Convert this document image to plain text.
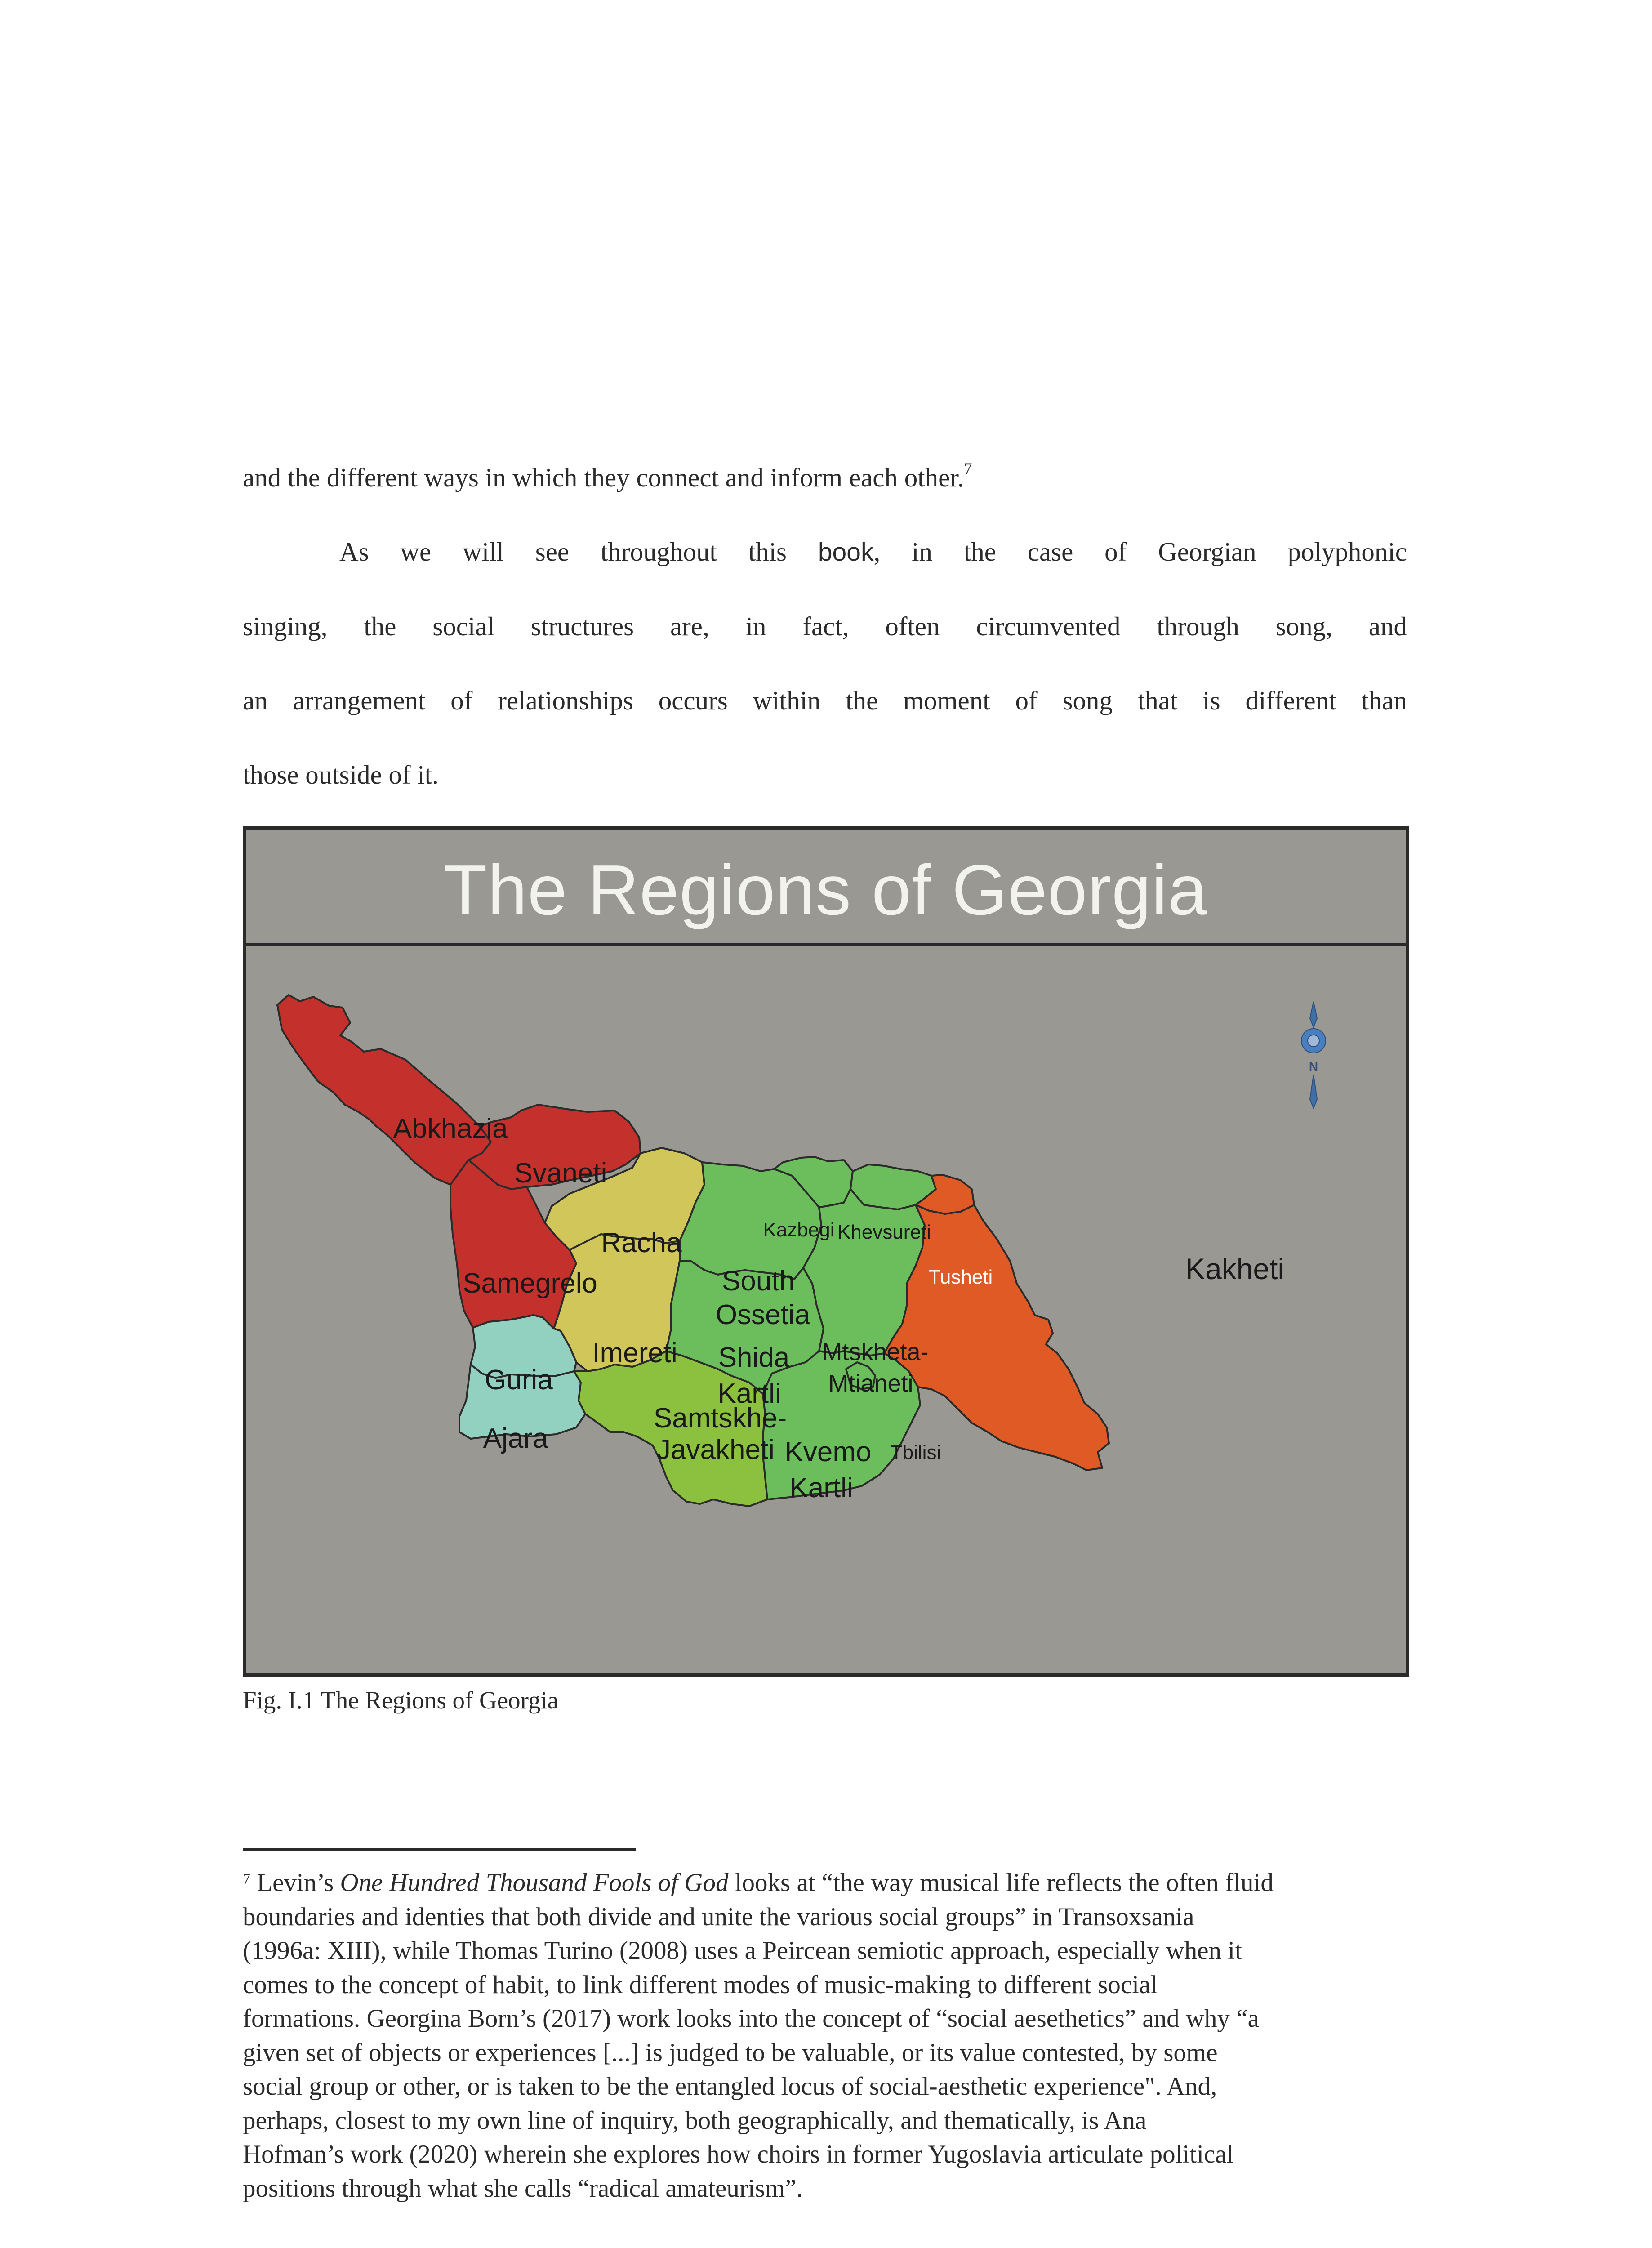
and the different ways in which they connect and inform each other.$^7$
As we will see throughout this book, in the case of Georgian polyphonic
singing, the social structures are, in fact, often circumvented through song, and
an arrangement of relationships occurs within the moment of song that is different than
those outside of it.
The Regions of Georgia
N
Abkhazia
Svaneti
Racha
Samegrelo	South
Ossetia
Imereti
Guria
Ajara
Shida
Kartli
Mtskheta-
Mtianeti
Samtskhe-
Javakheti Kvemo
Kartli
Tbilisi
Kazbegi Khevsureti
Tusheti	Kakheti
Fig. I.1 The Regions of Georgia
$^7$ Levin’s One Hundred Thousand Fools of God looks at “the way musical life reflects the often fluid
boundaries and identies that both divide and unite the various social groups” in Transoxsania
(1996a: XIII), while Thomas Turino (2008) uses a Peircean semiotic approach, especially when it
comes to the concept of habit, to link different modes of music-making to different social
formations. Georgina Born’s (2017) work looks into the concept of “social aesethetics” and why “a
given set of objects or experiences [...] is judged to be valuable, or its value contested, by some
social group or other, or is taken to be the entangled locus of social-aesthetic experience". And,
perhaps, closest to my own line of inquiry, both geographically, and thematically, is Ana
Hofman’s work (2020) wherein she explores how choirs in former Yugoslavia articulate political
positions through what she calls “radical amateurism”.
